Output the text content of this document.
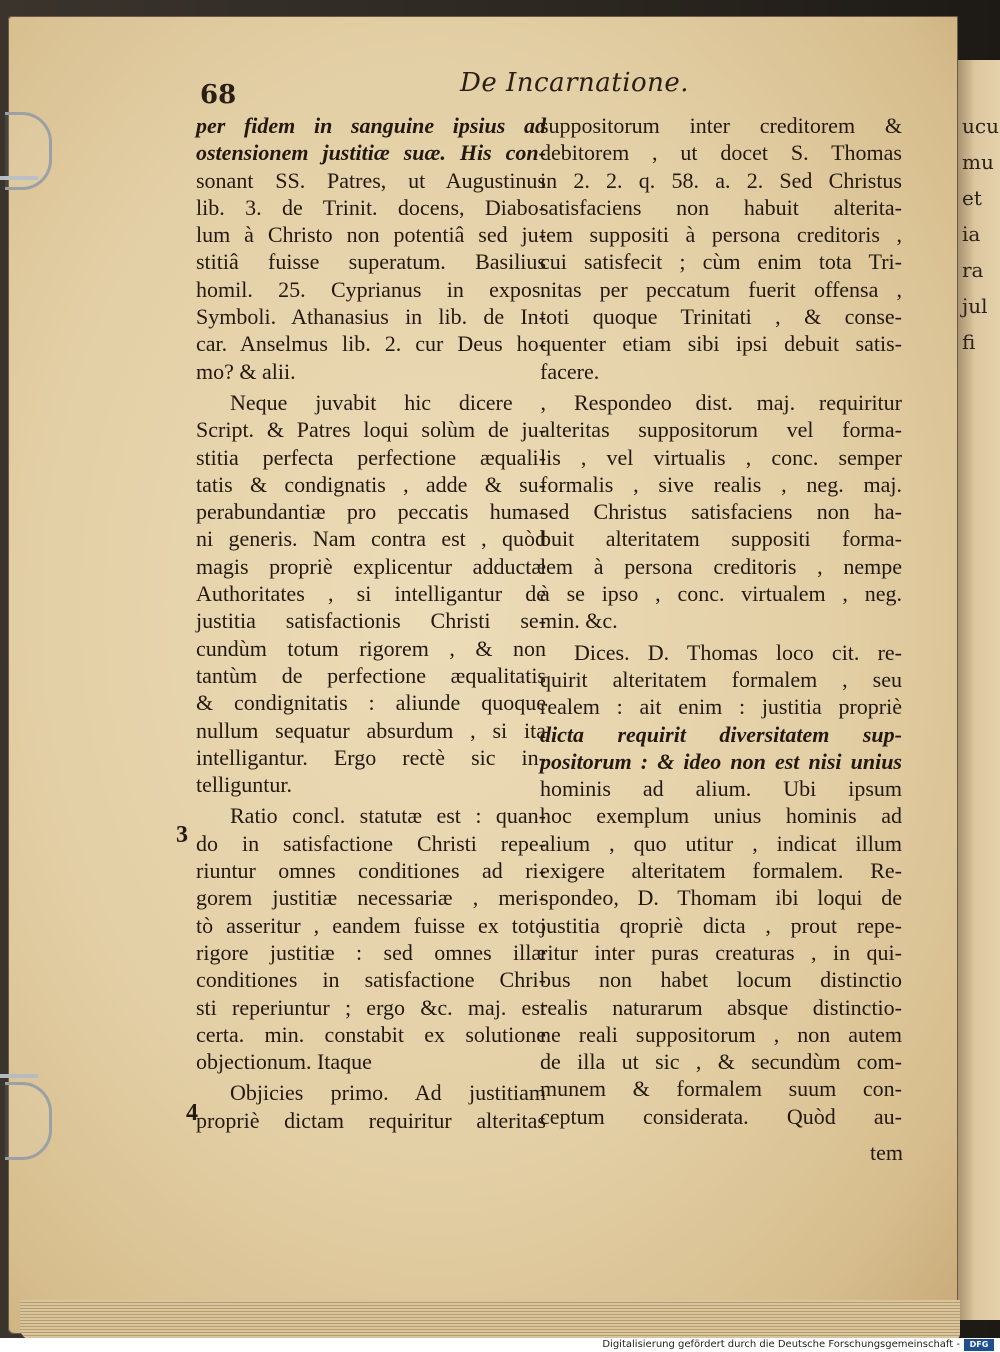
ucu
mu
et
ia
ra
jul
fi
68	De Incarnatione.
3
4
per fidem in sanguine ipsius ad
ostensionem justitiæ suæ. His con-
sonant SS. Patres, ut Augustinus
lib. 3. de Trinit. docens, Diabo-
lum à Christo non potentiâ sed ju-
stitiâ fuisse superatum. Basilius
homil. 25. Cyprianus in expos.
Symboli. Athanasius in lib. de In-
car. Anselmus lib. 2. cur Deus ho-
mo? & alii.
Neque juvabit hic dicere ,
Script. & Patres loqui solùm de ju-
stitia perfecta perfectione æquali-
tatis & condignatis , adde & su-
perabundantiæ pro peccatis huma-
ni generis. Nam contra est , quòd
magis propriè explicentur adductæ
Authoritates , si intelligantur de
justitia satisfactionis Christi se-
cundùm totum rigorem , & non
tantùm de perfectione æqualitatis
& condignitatis : aliunde quoque
nullum sequatur absurdum , si ita
intelligantur. Ergo rectè sic in-
telliguntur.
Ratio concl. statutæ est : quan-
do in satisfactione Christi repe-
riuntur omnes conditiones ad ri-
gorem justitiæ necessariæ , meri-
tò asseritur , eandem fuisse ex toto
rigore justitiæ : sed omnes illæ
conditiones in satisfactione Chri-
sti reperiuntur ; ergo &c. maj. est
certa. min. constabit ex solutione
objectionum. Itaque
Objicies primo. Ad justitiam
propriè dictam requiritur alteritas
suppositorum inter creditorem &
debitorem , ut docet S. Thomas
in 2. 2. q. 58. a. 2. Sed Christus
satisfaciens non habuit alterita-
tem suppositi à persona creditoris ,
cui satisfecit ; cùm enim tota Tri-
nitas per peccatum fuerit offensa ,
toti quoque Trinitati , & conse-
quenter etiam sibi ipsi debuit satis-
facere.
Respondeo dist. maj. requiritur
alteritas suppositorum vel forma-
lis , vel virtualis , conc. semper
formalis , sive realis , neg. maj.
sed Christus satisfaciens non ha-
buit alteritatem suppositi forma-
lem à persona creditoris , nempe
à se ipso , conc. virtualem , neg.
min. &c.
Dices. D. Thomas loco cit. re-
quirit alteritatem formalem , seu
realem : ait enim : justitia propriè
dicta requirit diversitatem sup-
positorum : & ideo non est nisi unius
hominis ad alium. Ubi ipsum
hoc exemplum unius hominis ad
alium , quo utitur , indicat illum
exigere alteritatem formalem. Re-
spondeo, D. Thomam ibi loqui de
justitia qropriè dicta , prout repe-
ritur inter puras creaturas , in qui-
bus non habet locum distinctio
realis naturarum absque distinctio-
ne reali suppositorum , non autem
de illa ut sic , & secundùm com-
munem & formalem suum con-
ceptum considerata. Quòd au-
tem
Digitalisierung gefördert durch die Deutsche Forschungsgemeinschaft -	DFG
